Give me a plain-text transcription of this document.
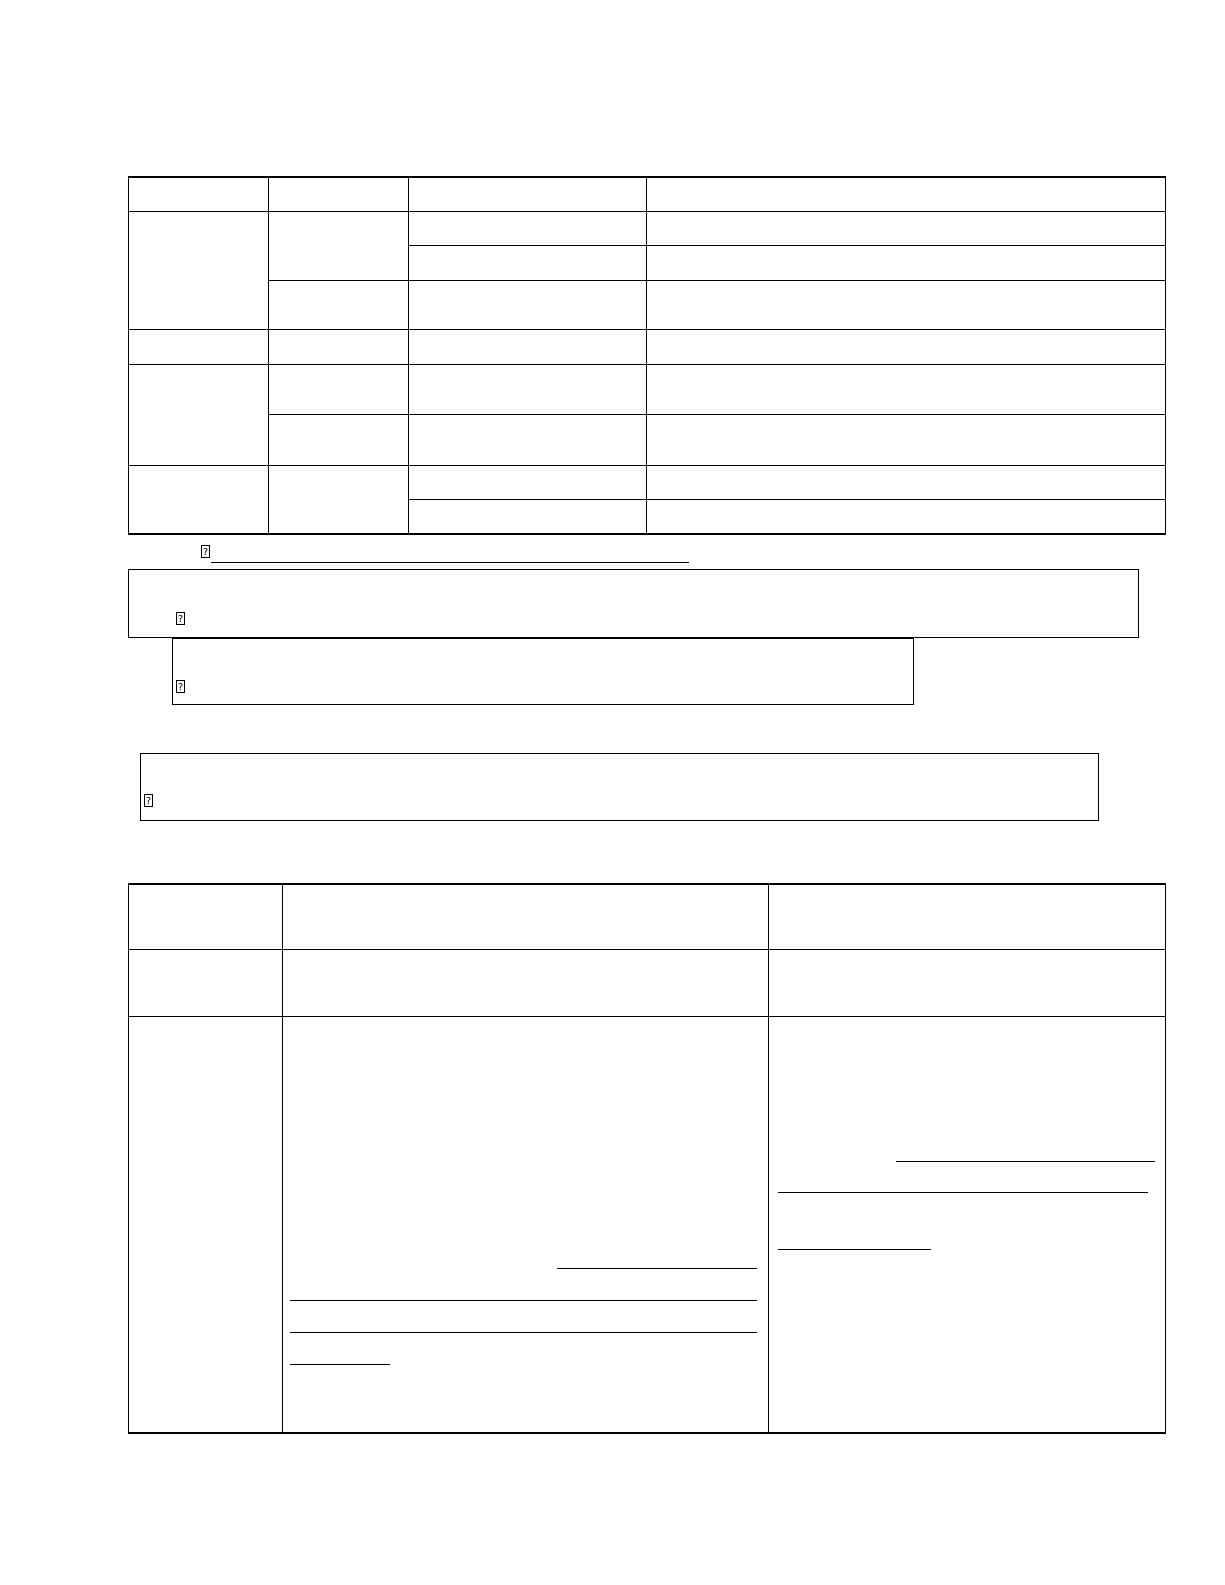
?
?
?
?
